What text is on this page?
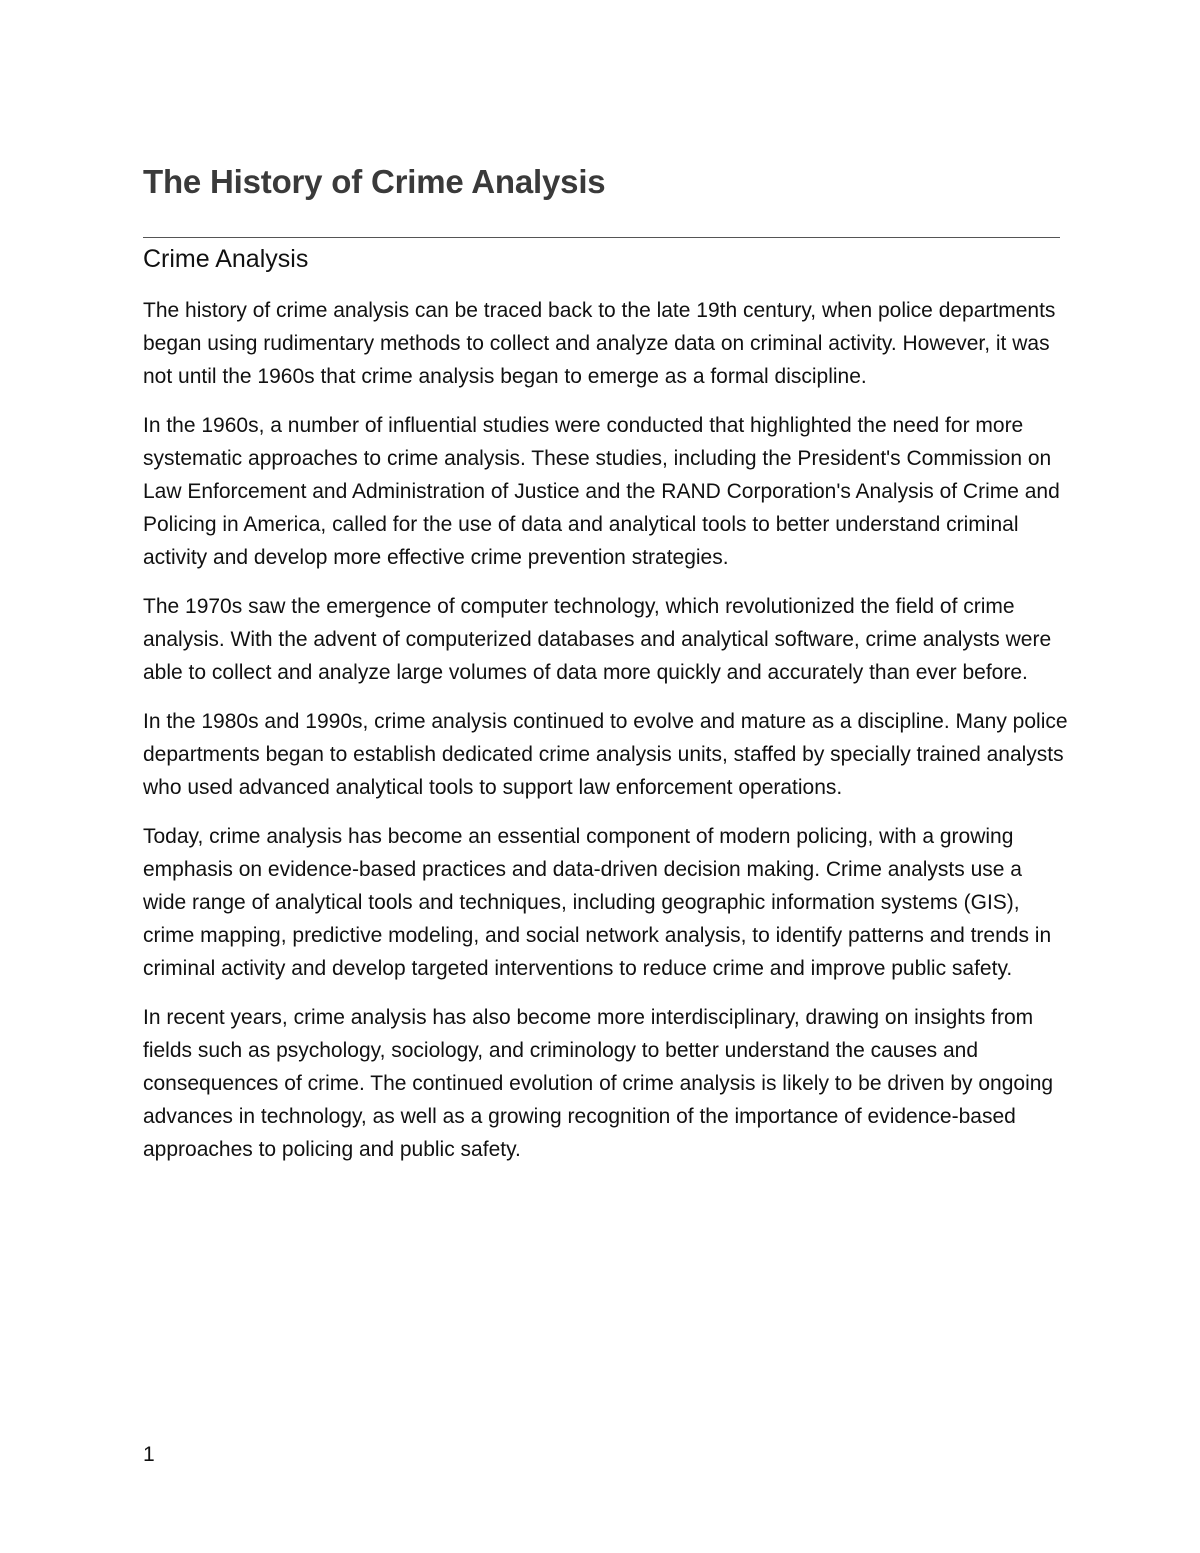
The History of Crime Analysis
Crime Analysis

The history of crime analysis can be traced back to the late 19th century, when police departments began using rudimentary methods to collect and analyze data on criminal activity. However, it was not until the 1960s that crime analysis began to emerge as a formal discipline.

In the 1960s, a number of influential studies were conducted that highlighted the need for more systematic approaches to crime analysis. These studies, including the President's Commission on Law Enforcement and Administration of Justice and the RAND Corporation's Analysis of Crime and Policing in America, called for the use of data and analytical tools to better understand criminal activity and develop more effective crime prevention strategies.

The 1970s saw the emergence of computer technology, which revolutionized the field of crime analysis. With the advent of computerized databases and analytical software, crime analysts were able to collect and analyze large volumes of data more quickly and accurately than ever before.

In the 1980s and 1990s, crime analysis continued to evolve and mature as a discipline. Many police departments began to establish dedicated crime analysis units, staffed by specially trained analysts who used advanced analytical tools to support law enforcement operations.

Today, crime analysis has become an essential component of modern policing, with a growing emphasis on evidence-based practices and data-driven decision making. Crime analysts use a wide range of analytical tools and techniques, including geographic information systems (GIS), crime mapping, predictive modeling, and social network analysis, to identify patterns and trends in criminal activity and develop targeted interventions to reduce crime and improve public safety.

In recent years, crime analysis has also become more interdisciplinary, drawing on insights from fields such as psychology, sociology, and criminology to better understand the causes and consequences of crime. The continued evolution of crime analysis is likely to be driven by ongoing advances in technology, as well as a growing recognition of the importance of evidence-based approaches to policing and public safety.

1
